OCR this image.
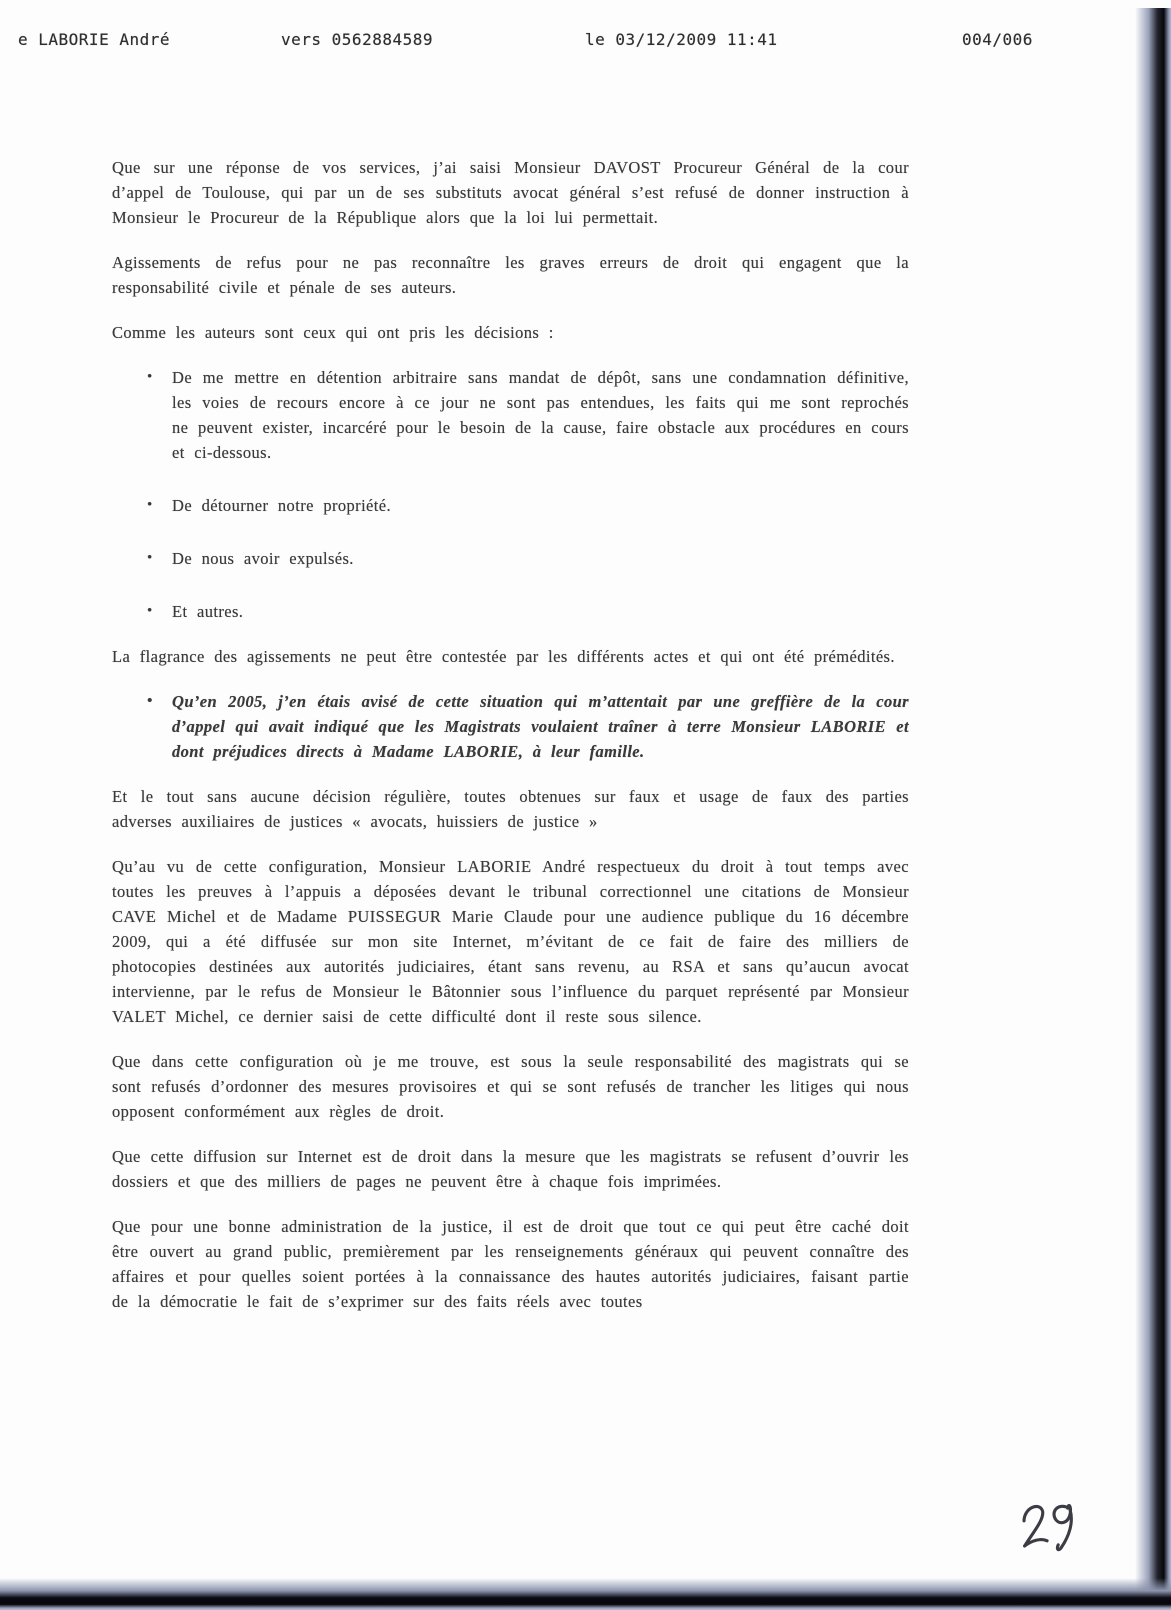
e LABORIE André	vers 0562884589	le 03/12/2009 11:41	004/006

Que sur une réponse de vos services, j’ai saisi Monsieur DAVOST Procureur Général de la cour d’appel de Toulouse, qui par un de ses substituts avocat général s’est refusé de donner instruction à Monsieur le Procureur de la République alors que la loi lui permettait.

Agissements de refus pour ne pas reconnaître les graves erreurs de droit qui engagent que la responsabilité civile et pénale de ses auteurs.

Comme les auteurs sont ceux qui ont pris les décisions :

• De me mettre en détention arbitraire sans mandat de dépôt, sans une condamnation définitive, les voies de recours encore à ce jour ne sont pas entendues, les faits qui me sont reprochés ne peuvent exister, incarcéré pour le besoin de la cause, faire obstacle aux procédures en cours et ci-dessous.
• De détourner notre propriété.
• De nous avoir expulsés.
• Et autres.

La flagrance des agissements ne peut être contestée par les différents actes et qui ont été prémédités.

• Qu’en 2005, j’en étais avisé de cette situation qui m’attentait par une greffière de la cour d’appel qui avait indiqué que les Magistrats voulaient traîner à terre Monsieur LABORIE et dont préjudices directs à Madame LABORIE, à leur famille.

Et le tout sans aucune décision régulière, toutes obtenues sur faux et usage de faux des parties adverses auxiliaires de justices « avocats, huissiers de justice »

Qu’au vu de cette configuration, Monsieur LABORIE André respectueux du droit à tout temps avec toutes les preuves à l’appuis a déposées devant le tribunal correctionnel une citations de Monsieur CAVE Michel et de Madame PUISSEGUR Marie Claude pour une audience publique du 16 décembre 2009, qui a été diffusée sur mon site Internet, m’évitant de ce fait de faire des milliers de photocopies destinées aux autorités judiciaires, étant sans revenu, au RSA et sans qu’aucun avocat intervienne, par le refus de Monsieur le Bâtonnier sous l’influence du parquet représenté par Monsieur VALET Michel, ce dernier saisi de cette difficulté dont il reste sous silence.

Que dans cette configuration où je me trouve, est sous la seule responsabilité des magistrats qui se sont refusés d’ordonner des mesures provisoires et qui se sont refusés de trancher les litiges qui nous opposent conformément aux règles de droit.

Que cette diffusion sur Internet est de droit dans la mesure que les magistrats se refusent d’ouvrir les dossiers et que des milliers de pages ne peuvent être à chaque fois imprimées.

Que pour une bonne administration de la justice, il est de droit que tout ce qui peut être caché doit être ouvert au grand public, premièrement par les renseignements généraux qui peuvent connaître des affaires et pour quelles soient portées à la connaissance des hautes autorités judiciaires, faisant partie de la démocratie le fait de s’exprimer sur des faits réels avec toutes
